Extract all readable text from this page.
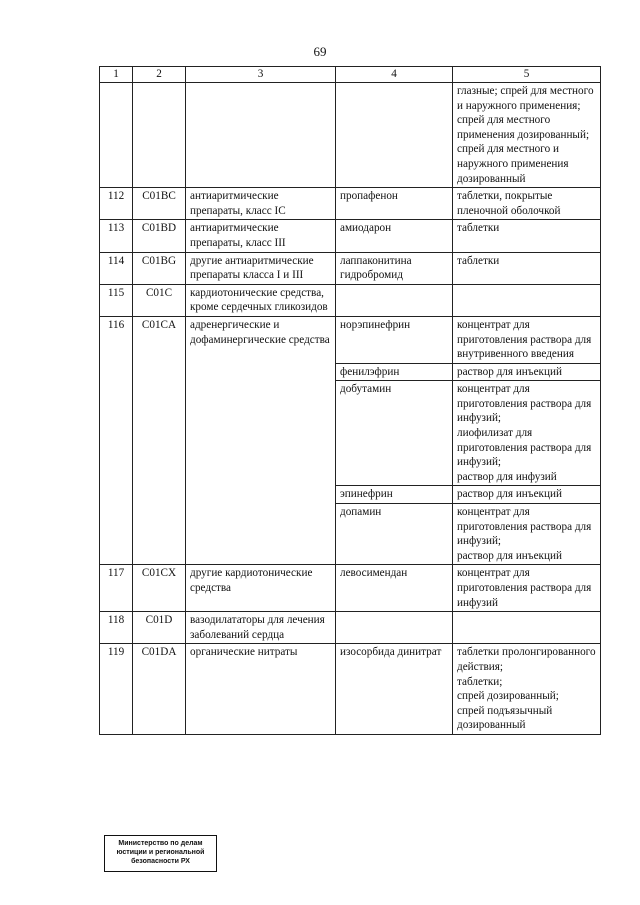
69
1	2	3	4	5
				глазные; спрей для местного и наружного применения; спрей для местного применения дозированный; спрей для местного и наружного применения дозированный
112	C01BC	антиаритмические препараты, класс IC	пропафенон	таблетки, покрытые пленочной оболочкой
113	C01BD	антиаритмические препараты, класс III	амиодарон	таблетки
114	C01BG	другие антиаритмические препараты класса I и III	лаппаконитина гидробромид	таблетки
115	C01C	кардиотонические средства, кроме сердечных гликозидов		
116	C01CA	адренергические и дофаминергические средства	норэпинефрин	концентрат для приготовления раствора для внутривенного введения
			фенилэфрин	раствор для инъекций
			добутамин	концентрат для приготовления раствора для инфузий;
лиофилизат для приготовления раствора для инфузий;
раствор для инфузий

			эпинефрин	раствор для инъекций
			допамин	концентрат для приготовления раствора для инфузий;
раствор для инъекций

117	C01CX	другие кардиотонические средства	левосимендан	концентрат для приготовления раствора для инфузий
118	C01D	вазодилататоры для лечения заболеваний сердца		
119	C01DA	органические нитраты	изосорбида динитрат	таблетки пролонгированного действия;
таблетки;
спрей дозированный;
спрей подъязычный дозированный
Министерство по делам
юстиции и региональной
безопасности РХ
